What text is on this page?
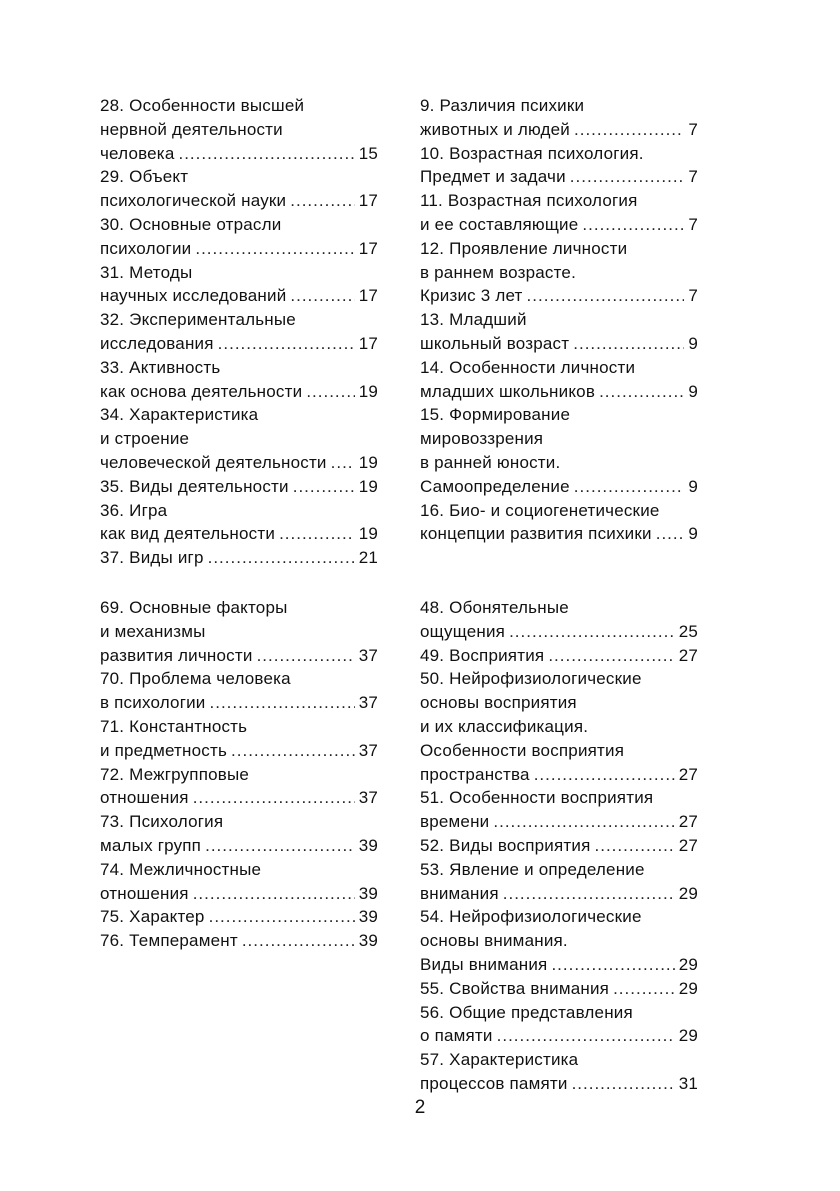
28. Особенности высшей
нервной деятельности
человека .....	15
29. Объект
психологической науки .....	17
30. Основные отрасли
психологии .....	17
31. Методы
научных исследований .....	17
32. Экспериментальные
исследования .....	17
33. Активность
как основа деятельности .....	19
34. Характеристика
и строение
человеческой деятельности ..... 19
35. Виды деятельности .....	19
36. Игра
как вид деятельности .....	19
37. Виды игр .....	21
9. Различия психики
животных и людей .....	7
10. Возрастная психология.
Предмет и задачи .....	7
11. Возрастная психология
и ее составляющие .....	7
12. Проявление личности
в раннем возрасте.
Кризис 3 лет .....	7
13. Младший
школьный возраст .....	9
14. Особенности личности
младших школьников .....	9
15. Формирование
мировоззрения
в ранней юности.
Самоопределение .....	9
16. Био- и социогенетические
концепции развития психики ..... 9
69. Основные факторы
и механизмы
развития личности .....	37
70. Проблема человека
в психологии .....	37
71. Константность
и предметность .....	37
72. Межгрупповые
отношения .....	37
73. Психология
малых групп .....	39
74. Межличностные
отношения .....	39
75. Характер .....	39
76. Темперамент .....	39
48. Обонятельные
ощущения .....	25
49. Восприятия .....	27
50. Нейрофизиологические
основы восприятия
и их классификация.
Особенности восприятия
пространства .....	27
51. Особенности восприятия
времени .....	27
52. Виды восприятия .....	27
53. Явление и определение
внимания .....	29
54. Нейрофизиологические
основы внимания.
Виды внимания .....	29
55. Свойства внимания .....	29
56. Общие представления
о памяти .....	29
57. Характеристика
процессов памяти .....	31
2
